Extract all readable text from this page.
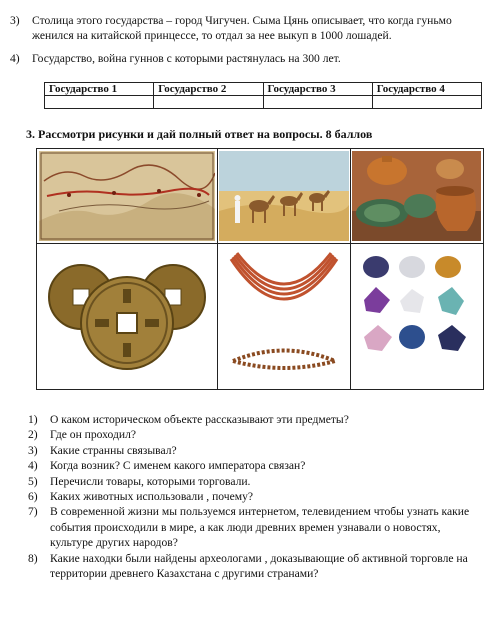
3) Столица этого государства – город Чигучен. Сыма Цянь описывает, что когда гуньмо женился на китайской принцессе, то отдал за нее выкуп в 1000 лошадей.
4) Государство, война гуннов с которыми растянулась на 300 лет.
Государство 1	Государство 2	Государство 3	Государство 4

3. Рассмотри рисунки и дай полный ответ на вопросы. 8 баллов
1) О каком историческом объекте рассказывают эти предметы?
2) Где он проходил?
3) Какие странны связывал?
4) Когда возник? С именем какого императора связан?
5) Перечисли товары, которыми торговали.
6) Каких животных использовали , почему?
7) В современной жизни мы пользуемся интернетом, телевидением чтобы узнать какие события происходили в мире, а как люди древних времен узнавали о новостях, культуре других народов?
8) Какие находки были найдены археологами , доказывающие об активной торговле на территории древнего Казахстана с другими странами?
